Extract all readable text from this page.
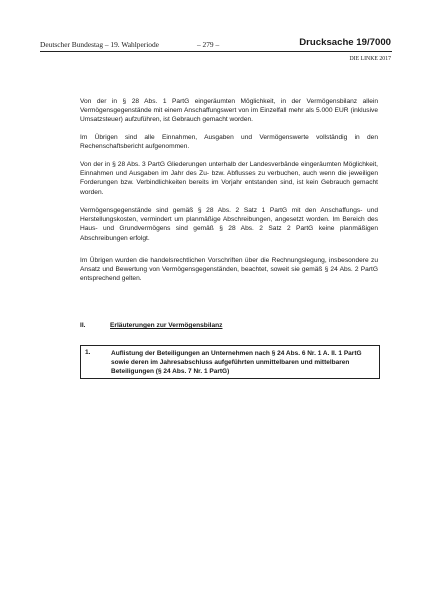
Deutscher Bundestag – 19. Wahlperiode	– 279 –	Drucksache 19/7000
DIE LINKE 2017

Von der in § 28 Abs. 1 PartG eingeräumten Möglichkeit, in der Vermögensbilanz allein Vermögensgegenstände mit einem Anschaffungswert von im Einzelfall mehr als 5.000 EUR (inklusive Umsatzsteuer) aufzuführen, ist Gebrauch gemacht worden.

Im Übrigen sind alle Einnahmen, Ausgaben und Vermögenswerte vollständig in den Rechenschaftsbericht aufgenommen.

Von der in § 28 Abs. 3 PartG Gliederungen unterhalb der Landesverbände eingeräumten Möglichkeit, Einnahmen und Ausgaben im Jahr des Zu- bzw. Abflusses zu verbuchen, auch wenn die jeweiligen Forderungen bzw. Verbindlichkeiten bereits im Vorjahr entstanden sind, ist kein Gebrauch gemacht worden.

Vermögensgegenstände sind gemäß § 28 Abs. 2 Satz 1 PartG mit den Anschaffungs- und Herstellungskosten, vermindert um planmäßige Abschreibungen, angesetzt worden. Im Bereich des Haus- und Grundvermögens sind gemäß § 28 Abs. 2 Satz 2 PartG keine planmäßigen Abschreibungen erfolgt.

Im Übrigen wurden die handelsrechtlichen Vorschriften über die Rechnungslegung, insbesondere zu Ansatz und Bewertung von Vermögensgegenständen, beachtet, soweit sie gemäß § 24 Abs. 2 PartG entsprechend gelten.

II.	Erläuterungen zur Vermögensbilanz
1.	Auflistung der Beteiligungen an Unternehmen nach § 24 Abs. 6 Nr. 1 A. II. 1 PartG sowie deren im Jahresabschluss aufgeführten unmittelbaren und mittelbaren Beteiligungen (§ 24 Abs. 7 Nr. 1 PartG)
